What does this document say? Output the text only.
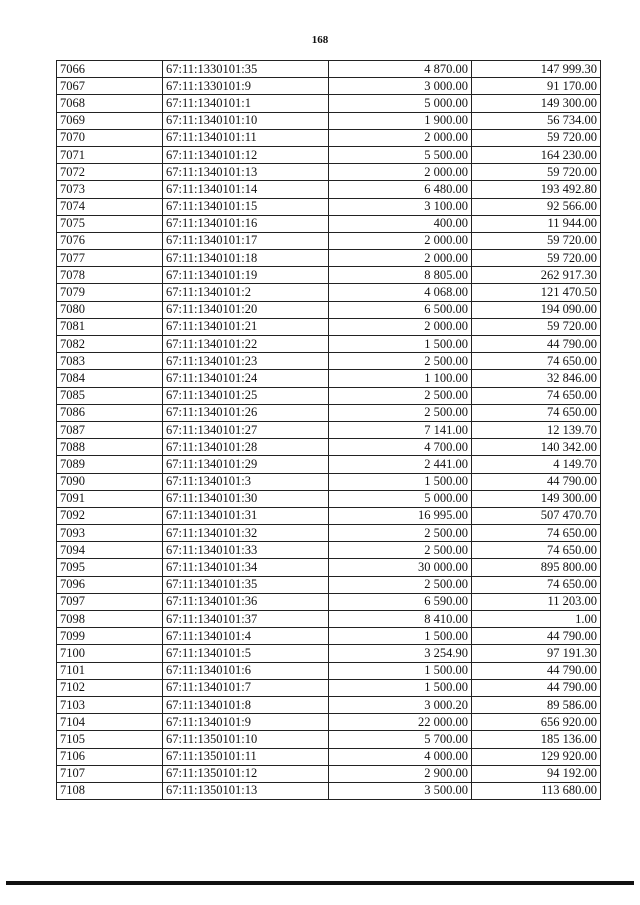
168
7066	67:11:1330101:35	4 870.00	147 999.30
7067	67:11:1330101:9	3 000.00	91 170.00
7068	67:11:1340101:1	5 000.00	149 300.00
7069	67:11:1340101:10	1 900.00	56 734.00
7070	67:11:1340101:11	2 000.00	59 720.00
7071	67:11:1340101:12	5 500.00	164 230.00
7072	67:11:1340101:13	2 000.00	59 720.00
7073	67:11:1340101:14	6 480.00	193 492.80
7074	67:11:1340101:15	3 100.00	92 566.00
7075	67:11:1340101:16	400.00	11 944.00
7076	67:11:1340101:17	2 000.00	59 720.00
7077	67:11:1340101:18	2 000.00	59 720.00
7078	67:11:1340101:19	8 805.00	262 917.30
7079	67:11:1340101:2	4 068.00	121 470.50
7080	67:11:1340101:20	6 500.00	194 090.00
7081	67:11:1340101:21	2 000.00	59 720.00
7082	67:11:1340101:22	1 500.00	44 790.00
7083	67:11:1340101:23	2 500.00	74 650.00
7084	67:11:1340101:24	1 100.00	32 846.00
7085	67:11:1340101:25	2 500.00	74 650.00
7086	67:11:1340101:26	2 500.00	74 650.00
7087	67:11:1340101:27	7 141.00	12 139.70
7088	67:11:1340101:28	4 700.00	140 342.00
7089	67:11:1340101:29	2 441.00	4 149.70
7090	67:11:1340101:3	1 500.00	44 790.00
7091	67:11:1340101:30	5 000.00	149 300.00
7092	67:11:1340101:31	16 995.00	507 470.70
7093	67:11:1340101:32	2 500.00	74 650.00
7094	67:11:1340101:33	2 500.00	74 650.00
7095	67:11:1340101:34	30 000.00	895 800.00
7096	67:11:1340101:35	2 500.00	74 650.00
7097	67:11:1340101:36	6 590.00	11 203.00
7098	67:11:1340101:37	8 410.00	1.00
7099	67:11:1340101:4	1 500.00	44 790.00
7100	67:11:1340101:5	3 254.90	97 191.30
7101	67:11:1340101:6	1 500.00	44 790.00
7102	67:11:1340101:7	1 500.00	44 790.00
7103	67:11:1340101:8	3 000.20	89 586.00
7104	67:11:1340101:9	22 000.00	656 920.00
7105	67:11:1350101:10	5 700.00	185 136.00
7106	67:11:1350101:11	4 000.00	129 920.00
7107	67:11:1350101:12	2 900.00	94 192.00
7108	67:11:1350101:13	3 500.00	113 680.00
